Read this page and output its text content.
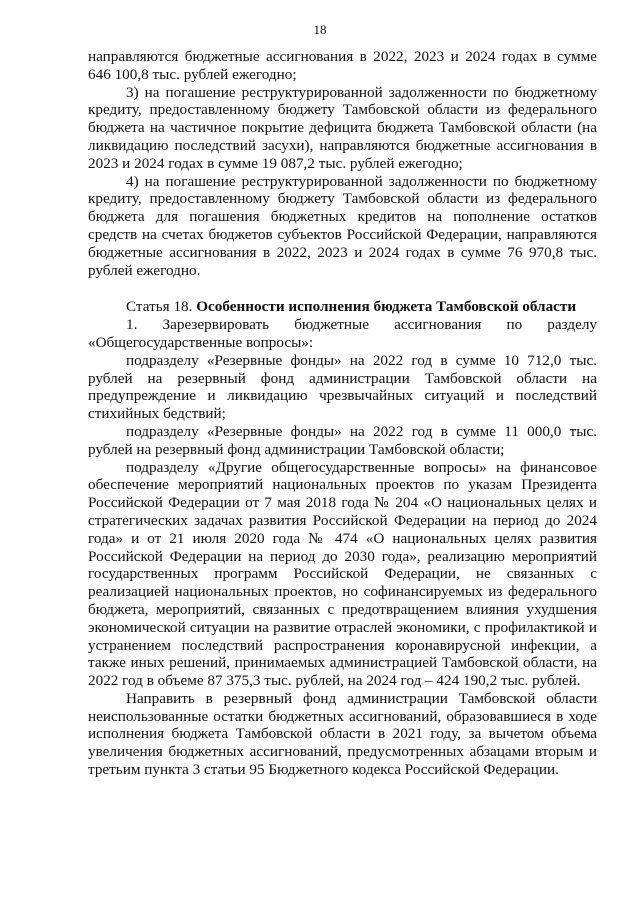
18

направляются бюджетные ассигнования в 2022, 2023 и 2024 годах в сумме 646 100,8 тыс. рублей ежегодно;

3) на погашение реструктурированной задолженности по бюджетному кредиту, предоставленному бюджету Тамбовской области из федерального бюджета на частичное покрытие дефицита бюджета Тамбовской области (на ликвидацию последствий засухи), направляются бюджетные ассигнования в 2023 и 2024 годах в сумме 19 087,2 тыс. рублей ежегодно;

4) на погашение реструктурированной задолженности по бюджетному кредиту, предоставленному бюджету Тамбовской области из федерального бюджета для погашения бюджетных кредитов на пополнение остатков средств на счетах бюджетов субъектов Российской Федерации, направляются бюджетные ассигнования в 2022, 2023 и 2024 годах в сумме 76 970,8 тыс. рублей ежегодно.

Статья 18. Особенности исполнения бюджета Тамбовской области

1. Зарезервировать бюджетные ассигнования по разделу «Общегосударственные вопросы»:

подразделу «Резервные фонды» на 2022 год в сумме 10 712,0 тыс. рублей на резервный фонд администрации Тамбовской области на предупреждение и ликвидацию чрезвычайных ситуаций и последствий стихийных бедствий;

подразделу «Резервные фонды» на 2022 год в сумме 11 000,0 тыс. рублей на резервный фонд администрации Тамбовской области;

подразделу «Другие общегосударственные вопросы» на финансовое обеспечение мероприятий национальных проектов по указам Президента Российской Федерации от 7 мая 2018 года № 204 «О национальных целях и стратегических задачах развития Российской Федерации на период до 2024 года» и от 21 июля 2020 года № 474 «О национальных целях развития Российской Федерации на период до 2030 года», реализацию мероприятий государственных программ Российской Федерации, не связанных с реализацией национальных проектов, но софинансируемых из федерального бюджета, мероприятий, связанных с предотвращением влияния ухудшения экономической ситуации на развитие отраслей экономики, с профилактикой и устранением последствий распространения коронавирусной инфекции, а также иных решений, принимаемых администрацией Тамбовской области, на 2022 год в объеме 87 375,3 тыс. рублей, на 2024 год – 424 190,2 тыс. рублей.

Направить в резервный фонд администрации Тамбовской области неиспользованные остатки бюджетных ассигнований, образовавшиеся в ходе исполнения бюджета Тамбовской области в 2021 году, за вычетом объема увеличения бюджетных ассигнований, предусмотренных абзацами вторым и третьим пункта 3 статьи 95 Бюджетного кодекса Российской Федерации.
